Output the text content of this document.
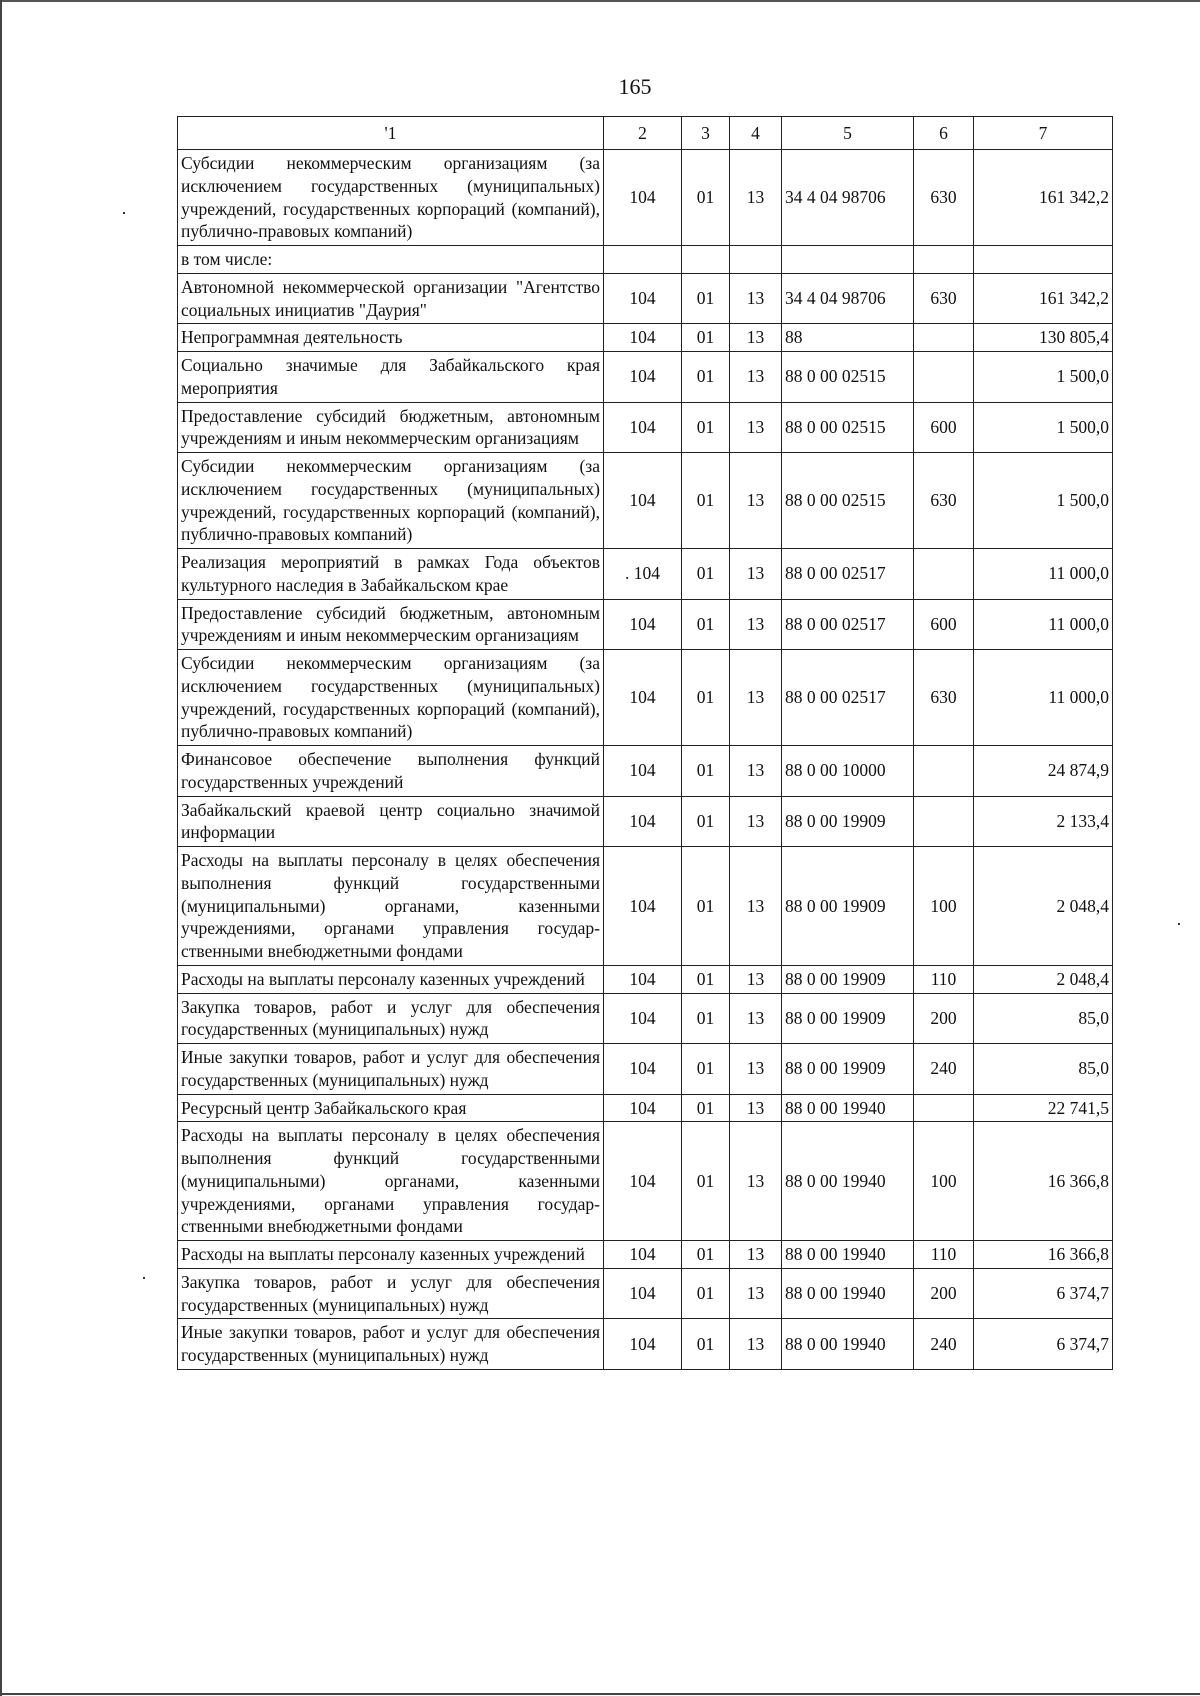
165
'1	2	3	4	5	6	7
Субсидии некоммерческим организациям (за исключением государственных (муниципальных) учреждений, государственных корпораций (компаний), публично-правовых компаний)	104	01	13	34 4 04 98706	630	161 342,2
в том числе:						
Автономной некоммерческой организации "Агентство социальных инициатив "Даурия"	104	01	13	34 4 04 98706	630	161 342,2
Непрограммная деятельность	104	01	13	88		130 805,4
Социально значимые для Забайкальского края мероприятия	104	01	13	88 0 00 02515		1 500,0
Предоставление субсидий бюджетным, автономным учреждениям и иным некоммерческим организациям	104	01	13	88 0 00 02515	600	1 500,0
Субсидии некоммерческим организациям (за исключением государственных (муниципальных) учреждений, государственных корпораций (компаний), публично-правовых компаний)	104	01	13	88 0 00 02515	630	1 500,0
Реализация мероприятий в рамках Года объектов культурного наследия в Забайкальском крае	. 104	01	13	88 0 00 02517		11 000,0
Предоставление субсидий бюджетным, автономным учреждениям и иным некоммерческим организациям	104	01	13	88 0 00 02517	600	11 000,0
Субсидии некоммерческим организациям (за исключением государственных (муниципальных) учреждений, государственных корпораций (компаний), публично-правовых компаний)	104	01	13	88 0 00 02517	630	11 000,0
Финансовое обеспечение выполнения функций государственных учреждений	104	01	13	88 0 00 10000		24 874,9
Забайкальский краевой центр социально значимой информации	104	01	13	88 0 00 19909		2 133,4
Расходы на выплаты персоналу в целях обеспечения выполнения функций государственными (муниципальными) органами, казенными учреждениями, органами управления государственными внебюджетными фондами	104	01	13	88 0 00 19909	100	2 048,4
Расходы на выплаты персоналу казенных учреждений	104	01	13	88 0 00 19909	110	2 048,4
Закупка товаров, работ и услуг для обеспечения государственных (муниципальных) нужд	104	01	13	88 0 00 19909	200	85,0
Иные закупки товаров, работ и услуг для обеспечения государственных (муниципальных) нужд	104	01	13	88 0 00 19909	240	85,0
Ресурсный центр Забайкальского края	104	01	13	88 0 00 19940		22 741,5
Расходы на выплаты персоналу в целях обеспечения выполнения функций государственными (муниципальными) органами, казенными учреждениями, органами управления государственными внебюджетными фондами	104	01	13	88 0 00 19940	100	16 366,8
Расходы на выплаты персоналу казенных учреждений	104	01	13	88 0 00 19940	110	16 366,8
Закупка товаров, работ и услуг для обеспечения государственных (муниципальных) нужд	104	01	13	88 0 00 19940	200	6 374,7
Иные закупки товаров, работ и услуг для обеспечения государственных (муниципальных) нужд	104	01	13	88 0 00 19940	240	6 374,7
